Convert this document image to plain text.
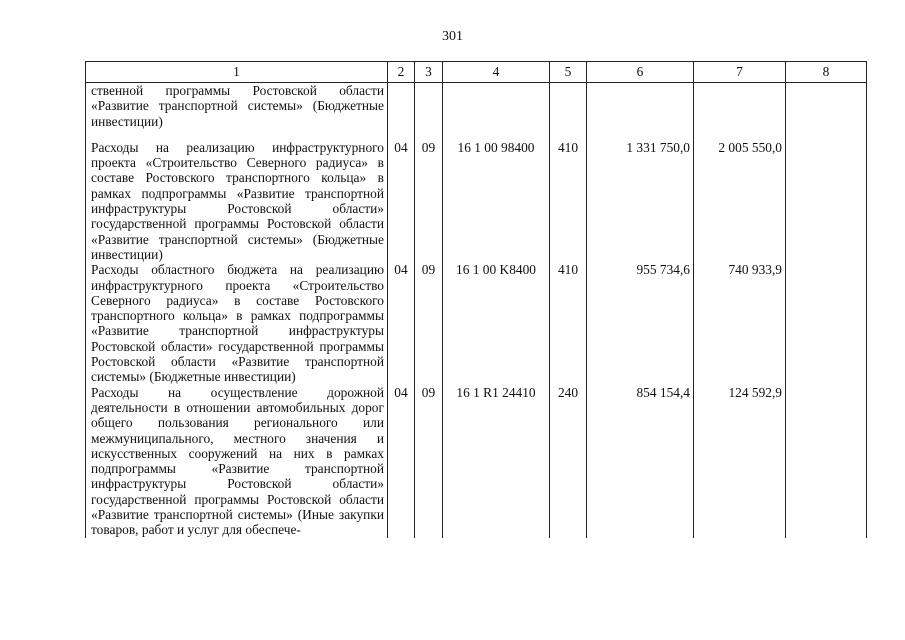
301
1	2	3	4	5	6	7	8
ственной программы Ростовской области «Развитие транспортной системы» (Бюджетные инвестиции)							
Расходы на реализацию инфраструктурного проекта «Строительство Северного радиуса» в составе Ростовского транспортного кольца» в рамках подпрограммы «Развитие транспортной инфраструктуры Ростовской области» государственной программы Ростовской области «Развитие транспортной системы» (Бюджетные инвестиции)	04	09	16 1 00 98400	410	1 331 750,0	2 005 550,0	
Расходы областного бюджета на реализацию инфраструктурного проекта «Строительство Северного радиуса» в составе Ростовского транспортного кольца» в рамках подпрограммы «Развитие транспортной инфраструктуры Ростовской области» государственной программы Ростовской области «Развитие транспортной системы» (Бюджетные инвестиции)	04	09	16 1 00 K8400	410	955 734,6	740 933,9	
Расходы на осуществление дорожной деятельности в отношении автомобильных дорог общего пользования регионального или межмуниципального, местного значения и искусственных сооружений на них в рамках подпрограммы «Развитие транспортной инфраструктуры Ростовской области» государственной программы Ростовской области «Развитие транспортной системы» (Иные закупки товаров, работ и услуг для обеспече-	04	09	16 1 R1 24410	240	854 154,4	124 592,9	
